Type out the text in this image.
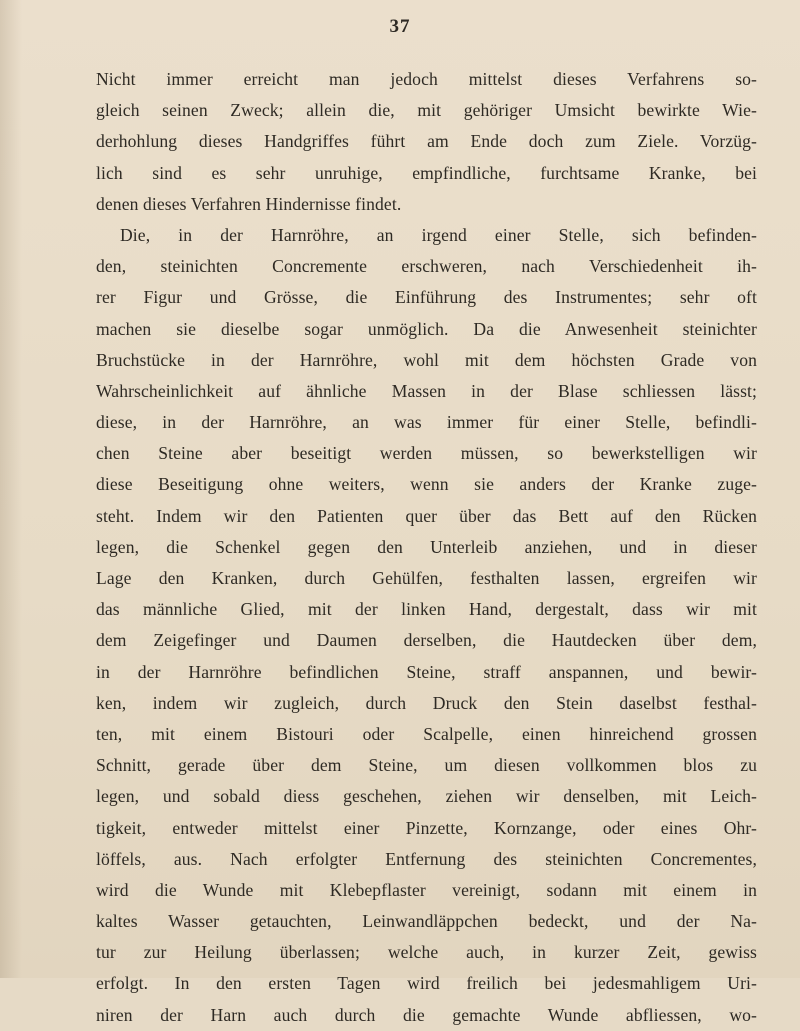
37
Nicht immer erreicht man jedoch mittelst dieses Verfahrens so-
gleich seinen Zweck; allein die, mit gehöriger Umsicht bewirkte Wie-
derhohlung dieses Handgriffes führt am Ende doch zum Ziele. Vorzüg-
lich sind es sehr unruhige, empfindliche, furchtsame Kranke, bei
denen dieses Verfahren Hindernisse findet.
Die, in der Harnröhre, an irgend einer Stelle, sich befinden-
den, steinichten Concremente erschweren, nach Verschiedenheit ih-
rer Figur und Grösse, die Einführung des Instrumentes; sehr oft
machen sie dieselbe sogar unmöglich. Da die Anwesenheit steinichter
Bruchstücke in der Harnröhre, wohl mit dem höchsten Grade von
Wahrscheinlichkeit auf ähnliche Massen in der Blase schliessen lässt;
diese, in der Harnröhre, an was immer für einer Stelle, befindli-
chen Steine aber beseitigt werden müssen, so bewerkstelligen wir
diese Beseitigung ohne weiters, wenn sie anders der Kranke zuge-
steht. Indem wir den Patienten quer über das Bett auf den Rücken
legen, die Schenkel gegen den Unterleib anziehen, und in dieser
Lage den Kranken, durch Gehülfen, festhalten lassen, ergreifen wir
das männliche Glied, mit der linken Hand, dergestalt, dass wir mit
dem Zeigefinger und Daumen derselben, die Hautdecken über dem,
in der Harnröhre befindlichen Steine, straff anspannen, und bewir-
ken, indem wir zugleich, durch Druck den Stein daselbst festhal-
ten, mit einem Bistouri oder Scalpelle, einen hinreichend grossen
Schnitt, gerade über dem Steine, um diesen vollkommen blos zu
legen, und sobald diess geschehen, ziehen wir denselben, mit Leich-
tigkeit, entweder mittelst einer Pinzette, Kornzange, oder eines Ohr-
löffels, aus. Nach erfolgter Entfernung des steinichten Concrementes,
wird die Wunde mit Klebepflaster vereinigt, sodann mit einem in
kaltes Wasser getauchten, Leinwandläppchen bedeckt, und der Na-
tur zur Heilung überlassen; welche auch, in kurzer Zeit, gewiss
erfolgt. In den ersten Tagen wird freilich bei jedesmahligem Uri-
niren der Harn auch durch die gemachte Wunde abfliessen, wo-
